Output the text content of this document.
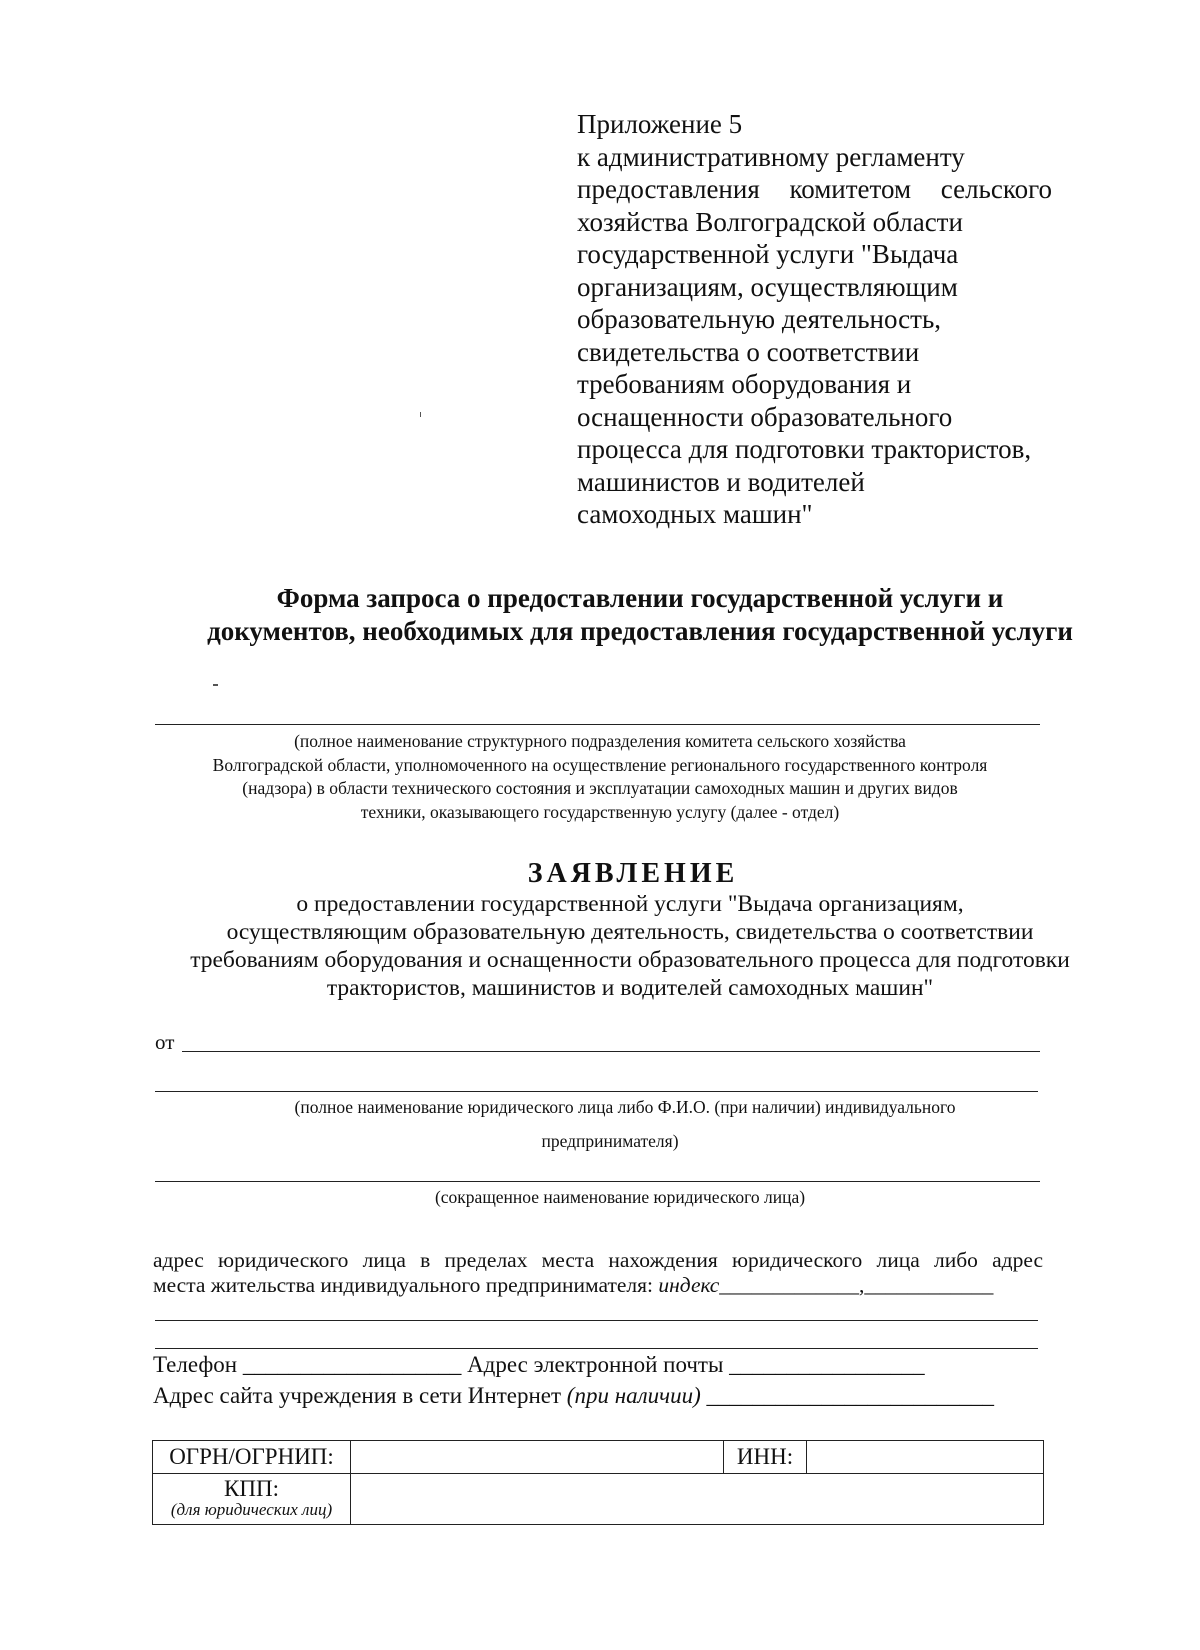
Приложение 5
к административному регламенту
предоставления комитетом сельского
хозяйства Волгоградской области
государственной услуги "Выдача
организациям, осуществляющим
образовательную деятельность,
свидетельства о соответствии
требованиям оборудования и
оснащенности образовательного
процесса для подготовки трактористов,
машинистов и водителей
самоходных машин"
Форма запроса о предоставлении государственной услуги и
документов, необходимых для предоставления государственной услуги
(полное наименование структурного подразделения комитета сельского хозяйства
Волгоградской области, уполномоченного на осуществление регионального государственного контроля
(надзора) в области технического состояния и эксплуатации самоходных машин и других видов
техники, оказывающего государственную услугу (далее - отдел)
ЗАЯВЛЕНИЕ
о предоставлении государственной услуги "Выдача организациям,
осуществляющим образовательную деятельность, свидетельства о соответствии
требованиям оборудования и оснащенности образовательного процесса для подготовки
трактористов, машинистов и водителей самоходных машин"
от
(полное наименование юридического лица либо Ф.И.О. (при наличии) индивидуального
предпринимателя)
(сокращенное наименование юридического лица)
адрес юридического лица в пределах места нахождения юридического лица либо адрес
места жительства индивидуального предпринимателя: индекс_____________,____________
Телефон ___________________ Адрес электронной почты _________________
Адрес сайта учреждения в сети Интернет (при наличии) _________________________
ОГРН/ОГРНИП:		ИНН:	
КПП:
(для юридических лиц)			
